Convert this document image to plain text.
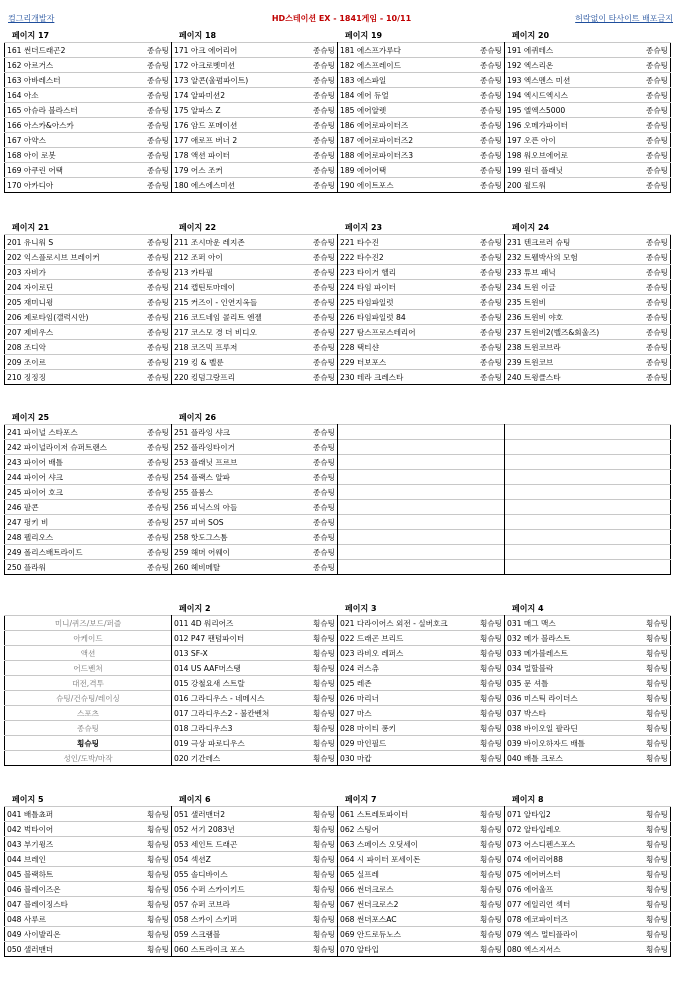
컴그리개발자	HD스테이션 EX - 1841게임 - 10/11	허락없이 타사이트 배포금지
페이지 17	페이지 18	페이지 19	페이지 20
161 썬더드래곤2	종슈팅	171 아크 에어리어	종슈팅	181 에스프가루다	종슈팅	191 에퀴테스	종슈팅
162 아르거스	종슈팅	172 아크로벳미션	종슈팅	182 에스프레이드	종슈팅	192 엑스리온	종슈팅
163 아바레스터	종슈팅	173 알콘(울펌파이트)	종슈팅	183 에스파일	종슈팅	193 엑스멘스 미션	종슈팅
164 아소	종슈팅	174 알파미션2	종슈팅	184 에어 듀얼	종슈팅	194 엑시드엑시스	종슈팅
165 아슈라 블라스터	종슈팅	175 알파스 Z	종슈팅	185 에어알렛	종슈팅	195 엘엑스5000	종슈팅
166 아스카&아스카	종슈팅	176 암드 포메이션	종슈팅	186 에어로파이터즈	종슈팅	196 오메가파이터	종슈팅
167 아약스	종슈팅	177 애로프 버너 2	종슈팅	187 에어로파이터즈2	종슈팅	197 오픈 아이	종슈팅
168 아이 로봇	종슈팅	178 액션 파이터	종슈팅	188 에어로파이터즈3	종슈팅	198 워오브에어로	종슈팅
169 아쿠린 어택	종슈팅	179 어스 조커	종슈팅	189 에어어택	종슈팅	199 원더 플래닛	종슈팅
170 아카디아	종슈팅	180 에스에스미션	종슈팅	190 에이트포스	종슈팅	200 윌드워	종슈팅
페이지 21	페이지 22	페이지 23	페이지 24
201 유니워 S	종슈팅	211 조시마운 레지존	종슈팅	221 타수진	종슈팅	231 텐크르러 슈팅	종슈팅
202 익스플로시브 브레이커	종슈팅	212 조퍼 아이	종슈팅	222 타수진2	종슈팅	232 트웰박사의 모험	종슈팅
203 자비가	종슈팅	213 카타필	종슈팅	223 타이거 헬리	종슈팅	233 튜브 패닉	종슈팅
204 자이로딘	종슈팅	214 캡틴토마데이	종슈팅	224 타임 파이터	종슈팅	234 트윈 이글	종슈팅
205 재미니윙	종슈팅	215 커즈이 - 인연지옥들	종슈팅	225 타임파일럿	종슈팅	235 트윈비	종슈팅
206 제로타임(갤럭시안)	종슈팅	216 코드네임 콜리트 엔젤	종슈팅	226 타임파일럿 84	종슈팅	236 트윈비 야호	종슈팅
207 제비우스	종슈팅	217 코스모 경 더 비디오	종슈팅	227 탐스프로스테리어	종슈팅	237 트윈비2(벨즈&회울즈)	종슈팅
208 조디악	종슈팅	218 코즈믹 프루저	종슈팅	228 택티샨	종슈팅	238 트윈코브라	종슈팅
209 조이르	종슈팅	219 킹 & 벨룬	종슈팅	229 터보포스	종슈팅	239 트윈코브	종슈팅
210 징징징	종슈팅	220 킹덤그랑프리	종슈팅	230 테라 크레스타	종슈팅	240 트윙클스타	종슈팅
페이지 25	페이지 26
241 파이널 스타포스	종슈팅	251 플라잉 샤크	종슈팅				
242 파이널라이저 슈퍼트랜스	종슈팅	252 플라잉타이거	종슈팅				
243 파이어 배틀	종슈팅	253 플래닛 프르브	종슈팅				
244 파이어 샤크	종슈팅	254 플랙스 알파	종슈팅				
245 파이어 호크	종슈팅	255 플룸스	종슈팅				
246 팔콘	종슈팅	256 피닉스의 아들	종슈팅				
247 펑키 비	종슈팅	257 피버 SOS	종슈팅				
248 펠리오스	종슈팅	258 핫도그스톰	종슈팅				
249 폴리스배트라이드	종슈팅	259 해머 어웨이	종슈팅				
250 플라워	종슈팅	260 헤비메탈	종슈팅				
페이지 2	페이지 3	페이지 4
미니/퀴즈/보드/퍼즐	011 4D 워리어즈	횡슈팅	021 다라이어스 외전 - 실버호크	횡슈팅	031 매그 맥스	횡슈팅
아케이드	012 P47 팬텀파이터	횡슈팅	022 드래곤 브리드	횡슈팅	032 메가 블라스트	횡슈팅
액션	013 SF-X	횡슈팅	023 라비오 레퍼스	횡슈팅	033 메가블레스트	횡슈팅
어드벤쳐	014 US AAF머스탱	횡슈팅	024 러스츄	횡슈팅	034 멀할블락	횡슈팅
대전,격투	015 강철요새 스트랄	횡슈팅	025 레존	횡슈팅	035 문 셔틀	횡슈팅
슈팅/건슈팅/레이싱	016 그라디우스 - 네메시스	횡슈팅	026 마리너	횡슈팅	036 미스틱 라이더스	횡슈팅
스포츠	017 그라디우스2 - 불칸벤쳐	횡슈팅	027 마스	횡슈팅	037 박스타	횡슈팅
종슈팅	018 그라디우스3	횡슈팅	028 마이티 퐁키	횡슈팅	038 바이오일 팔라딘	횡슈팅
횡슈팅	019 극상 파로디우스	횡슈팅	029 마인필드	횡슈팅	039 바이오하자드 배틀	횡슈팅
성인/도박/마작	020 기간데스	횡슈팅	030 마캅	횡슈팅	040 배틀 크로스	횡슈팅
페이지 5	페이지 6	페이지 7	페이지 8
041 배틀쵸퍼	횡슈팅	051 샐러맨더2	횡슈팅	061 스트레토파이터	횡슈팅	071 알타입2	횡슈팅
042 벅타이어	횡슈팅	052 서기 2083년	횡슈팅	062 스팅어	횡슈팅	072 알타입레오	횡슈팅
043 부기윙즈	횡슈팅	053 세인트 드래곤	횡슈팅	063 스페이스 오딧세이	횡슈팅	073 어스디펜스포스	횡슈팅
044 브레인	횡슈팅	054 섹션Z	횡슈팅	064 시 파이터 포세이돈	횡슈팅	074 에어리어88	횡슈팅
045 블랙하트	횡슈팅	055 솔디바이스	횡슈팅	065 실프레	횡슈팅	075 에어버스터	횡슈팅
046 블레이즈온	횡슈팅	056 수퍼 스카이키드	횡슈팅	066 썬더크로스	횡슈팅	076 에어울프	횡슈팅
047 블레이징스타	횡슈팅	057 슈퍼 코브라	횡슈팅	067 썬더크로스2	횡슈팅	077 에일리언 섹터	횡슈팅
048 사루르	횡슈팅	058 스카이 스키퍼	횡슈팅	068 썬더포스AC	횡슈팅	078 에코파이터즈	횡슈팅
049 사이발리온	횡슈팅	059 스크램블	횡슈팅	069 안드로듀노스	횡슈팅	079 엑스 멀티플라이	횡슈팅
050 샐러맨더	횡슈팅	060 스트라이크 포스	횡슈팅	070 알타입	횡슈팅	080 엑스지서스	횡슈팅
